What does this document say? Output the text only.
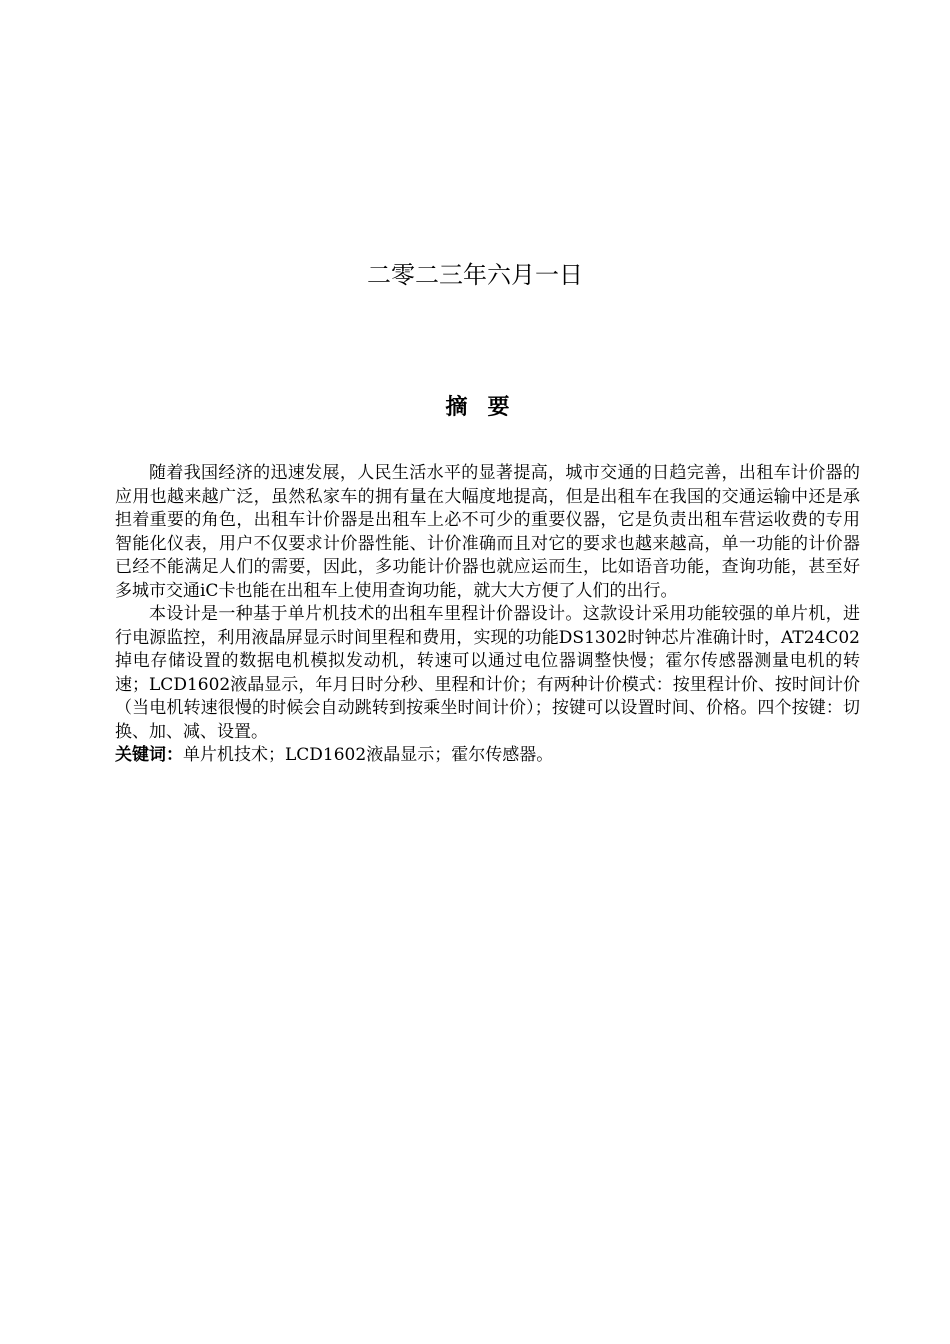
二零二三年六月一日
摘要

随着我国经济的迅速发展，人民生活水平的显著提高，城市交通的日趋完善，出租车计价器的应用也越来越广泛，虽然私家车的拥有量在大幅度地提高，但是出租车在我国的交通运输中还是承担着重要的角色，出租车计价器是出租车上必不可少的重要仪器，它是负责出租车营运收费的专用智能化仪表，用户不仅要求计价器性能、计价准确而且对它的要求也越来越高，单一功能的计价器已经不能满足人们的需要，因此，多功能计价器也就应运而生，比如语音功能，查询功能，甚至好多城市交通iC卡也能在出租车上使用查询功能，就大大方便了人们的出行。

本设计是一种基于单片机技术的出租车里程计价器设计。这款设计采用功能较强的单片机，进行电源监控，利用液晶屏显示时间里程和费用，实现的功能DS1302时钟芯片准确计时，AT24C02掉电存储设置的数据电机模拟发动机，转速可以通过电位器调整快慢；霍尔传感器测量电机的转速；LCD1602液晶显示，年月日时分秒、里程和计价；有两种计价模式：按里程计价、按时间计价（当电机转速很慢的时候会自动跳转到按乘坐时间计价）；按键可以设置时间、价格。四个按键：切换、加、减、设置。

关键词：单片机技术；LCD1602液晶显示；霍尔传感器。
